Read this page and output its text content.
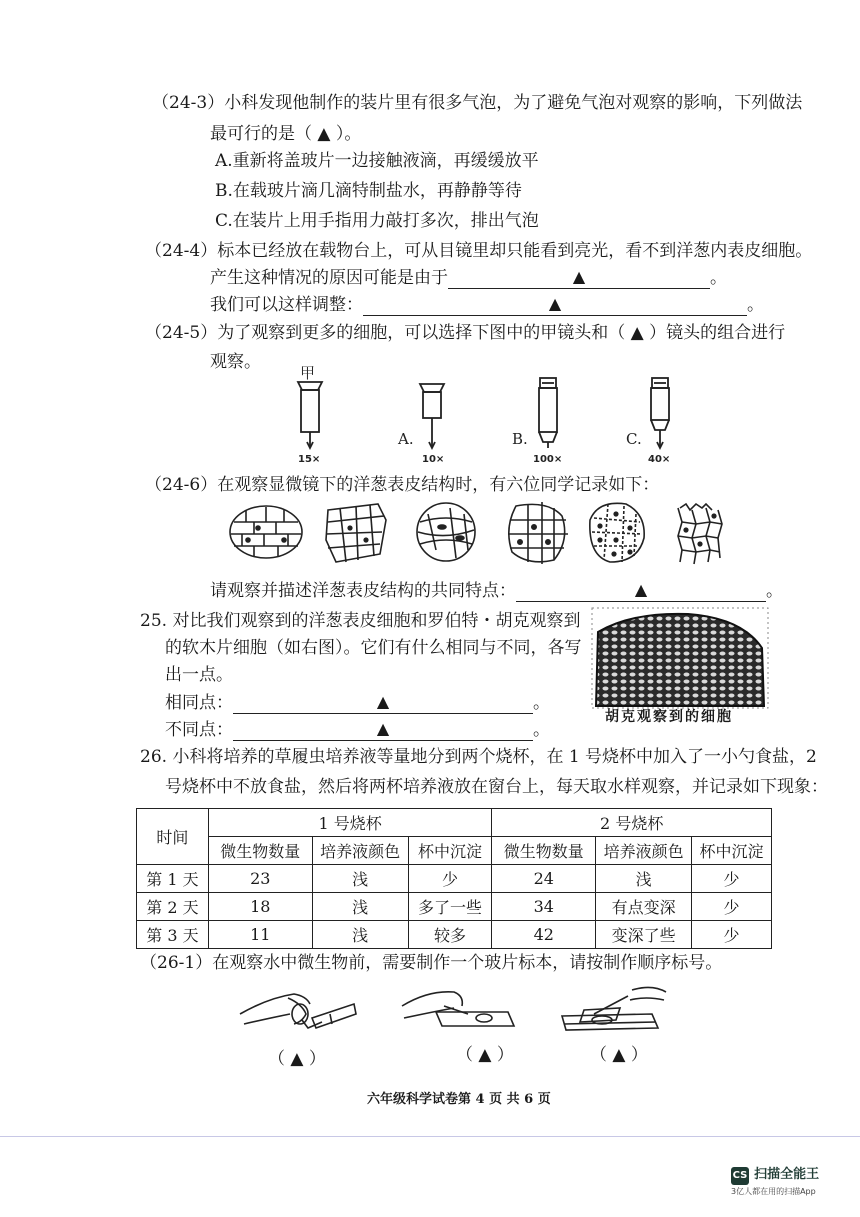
（24-3）小科发现他制作的装片里有很多气泡，为了避免气泡对观察的影响，下列做法
最可行的是（ ▲ ）。
A.重新将盖玻片一边接触液滴，再缓缓放平
B.在载玻片滴几滴特制盐水，再静静等待
C.在装片上用手指用力敲打多次，排出气泡
（24-4）标本已经放在载物台上，可从目镜里却只能看到亮光，看不到洋葱内表皮细胞。
产生这种情况的原因可能是由于	▲	。
我们可以这样调整：	▲	。
（24-5）为了观察到更多的细胞，可以选择下图中的甲镜头和（ ▲ ）镜头的组合进行
观察。
甲
15×
A.
10×
B.
100×
C.
40×
（24-6）在观察显微镜下的洋葱表皮结构时，有六位同学记录如下：
请观察并描述洋葱表皮结构的共同特点：	▲	。
25. 对比我们观察到的洋葱表皮细胞和罗伯特・胡克观察到
的软木片细胞（如右图）。它们有什么相同与不同，各写
出一点。
相同点：	▲	。
不同点：	▲	。
胡克观察到的细胞
26. 小科将培养的草履虫培养液等量地分到两个烧杯，在 1 号烧杯中加入了一小勺食盐，2
号烧杯中不放食盐，然后将两杯培养液放在窗台上，每天取水样观察，并记录如下现象：
时间	1 号烧杯			2 号烧杯		
	微生物数量	培养液颜色	杯中沉淀	微生物数量	培养液颜色	杯中沉淀
第 1 天	23	浅	少	24	浅	少
第 2 天	18	浅	多了一些	34	有点变深	少
第 3 天	11	浅	较多	42	变深了些	少
（26-1）在观察水中微生物前，需要制作一个玻片标本，请按制作顺序标号。
（ ▲ ）	（ ▲ ）	（ ▲ ）
六年级科学试卷第 4 页 共 6 页
CS 扫描全能王
3亿人都在用的扫描App
